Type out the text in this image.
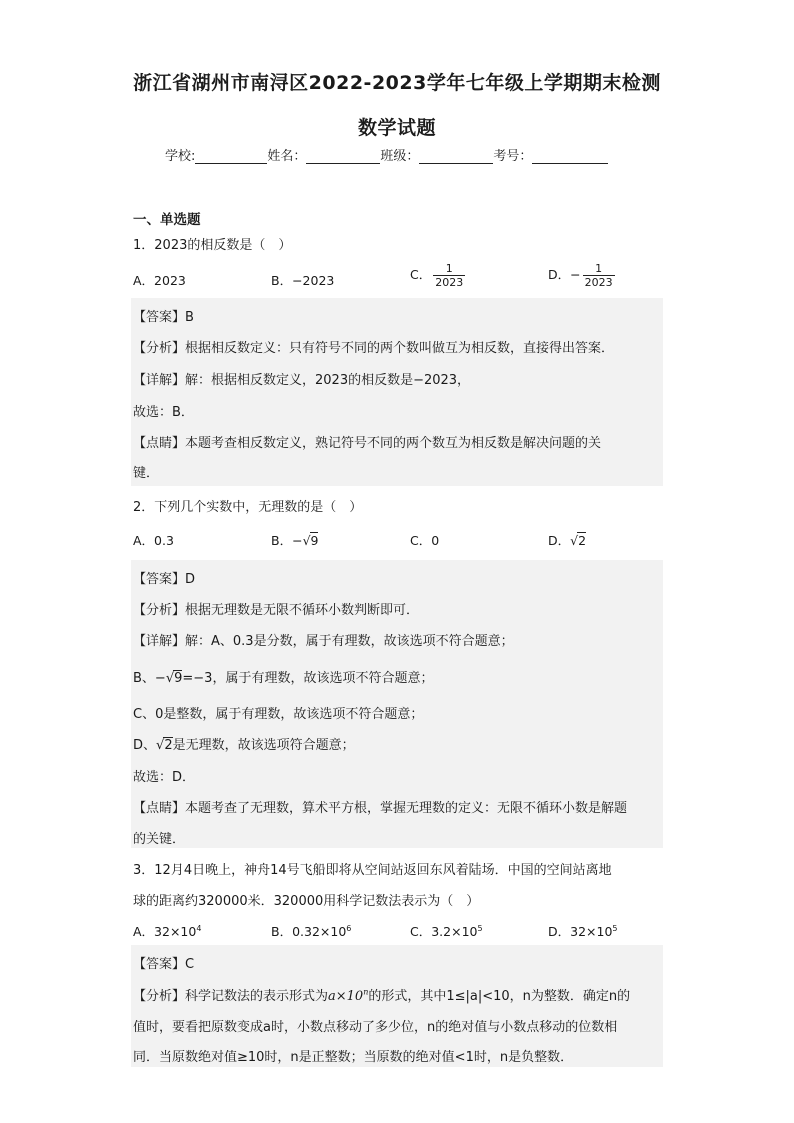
浙江省湖州市南浔区2022-2023学年七年级上学期期末检测
数学试题
学校:	姓名：	班级：	考号：
一、单选题
1．2023的相反数是（　）
A．2023	B．−2023	C． $\frac{1}{2023}$	D．− $\frac{1}{2023}$
【答案】B
【分析】根据相反数定义：只有符号不同的两个数叫做互为相反数，直接得出答案．
【详解】解：根据相反数定义，2023的相反数是−2023，
故选：B．
【点睛】本题考查相反数定义，熟记符号不同的两个数互为相反数是解决问题的关
键．
2．下列几个实数中，无理数的是（　）
A．0.3	B．−√9	C．0	D．√2
【答案】D
【分析】根据无理数是无限不循环小数判断即可．
【详解】解：A、0.3是分数，属于有理数，故该选项不符合题意；
B、−√9=−3，属于有理数，故该选项不符合题意；
C、0是整数，属于有理数，故该选项不符合题意；
D、√2是无理数，故该选项符合题意；
故选：D．
【点睛】本题考查了无理数，算术平方根，掌握无理数的定义：无限不循环小数是解题
的关键．
3．12月4日晚上，神舟14号飞船即将从空间站返回东风着陆场．中国的空间站离地
球的距离约320000米．320000用科学记数法表示为（　）
A．$32\times 10^4$	B．$0.32\times 10^6$	C．$3.2\times 10^5$	D．$32\times 10^5$
【答案】C
【分析】科学记数法的表示形式为$a\times 10^n$的形式，其中1≤|a|<10，n为整数．确定n的
值时，要看把原数变成a时，小数点移动了多少位，n的绝对值与小数点移动的位数相
同．当原数绝对值≥10时，n是正整数；当原数的绝对值<1时，n是负整数．
